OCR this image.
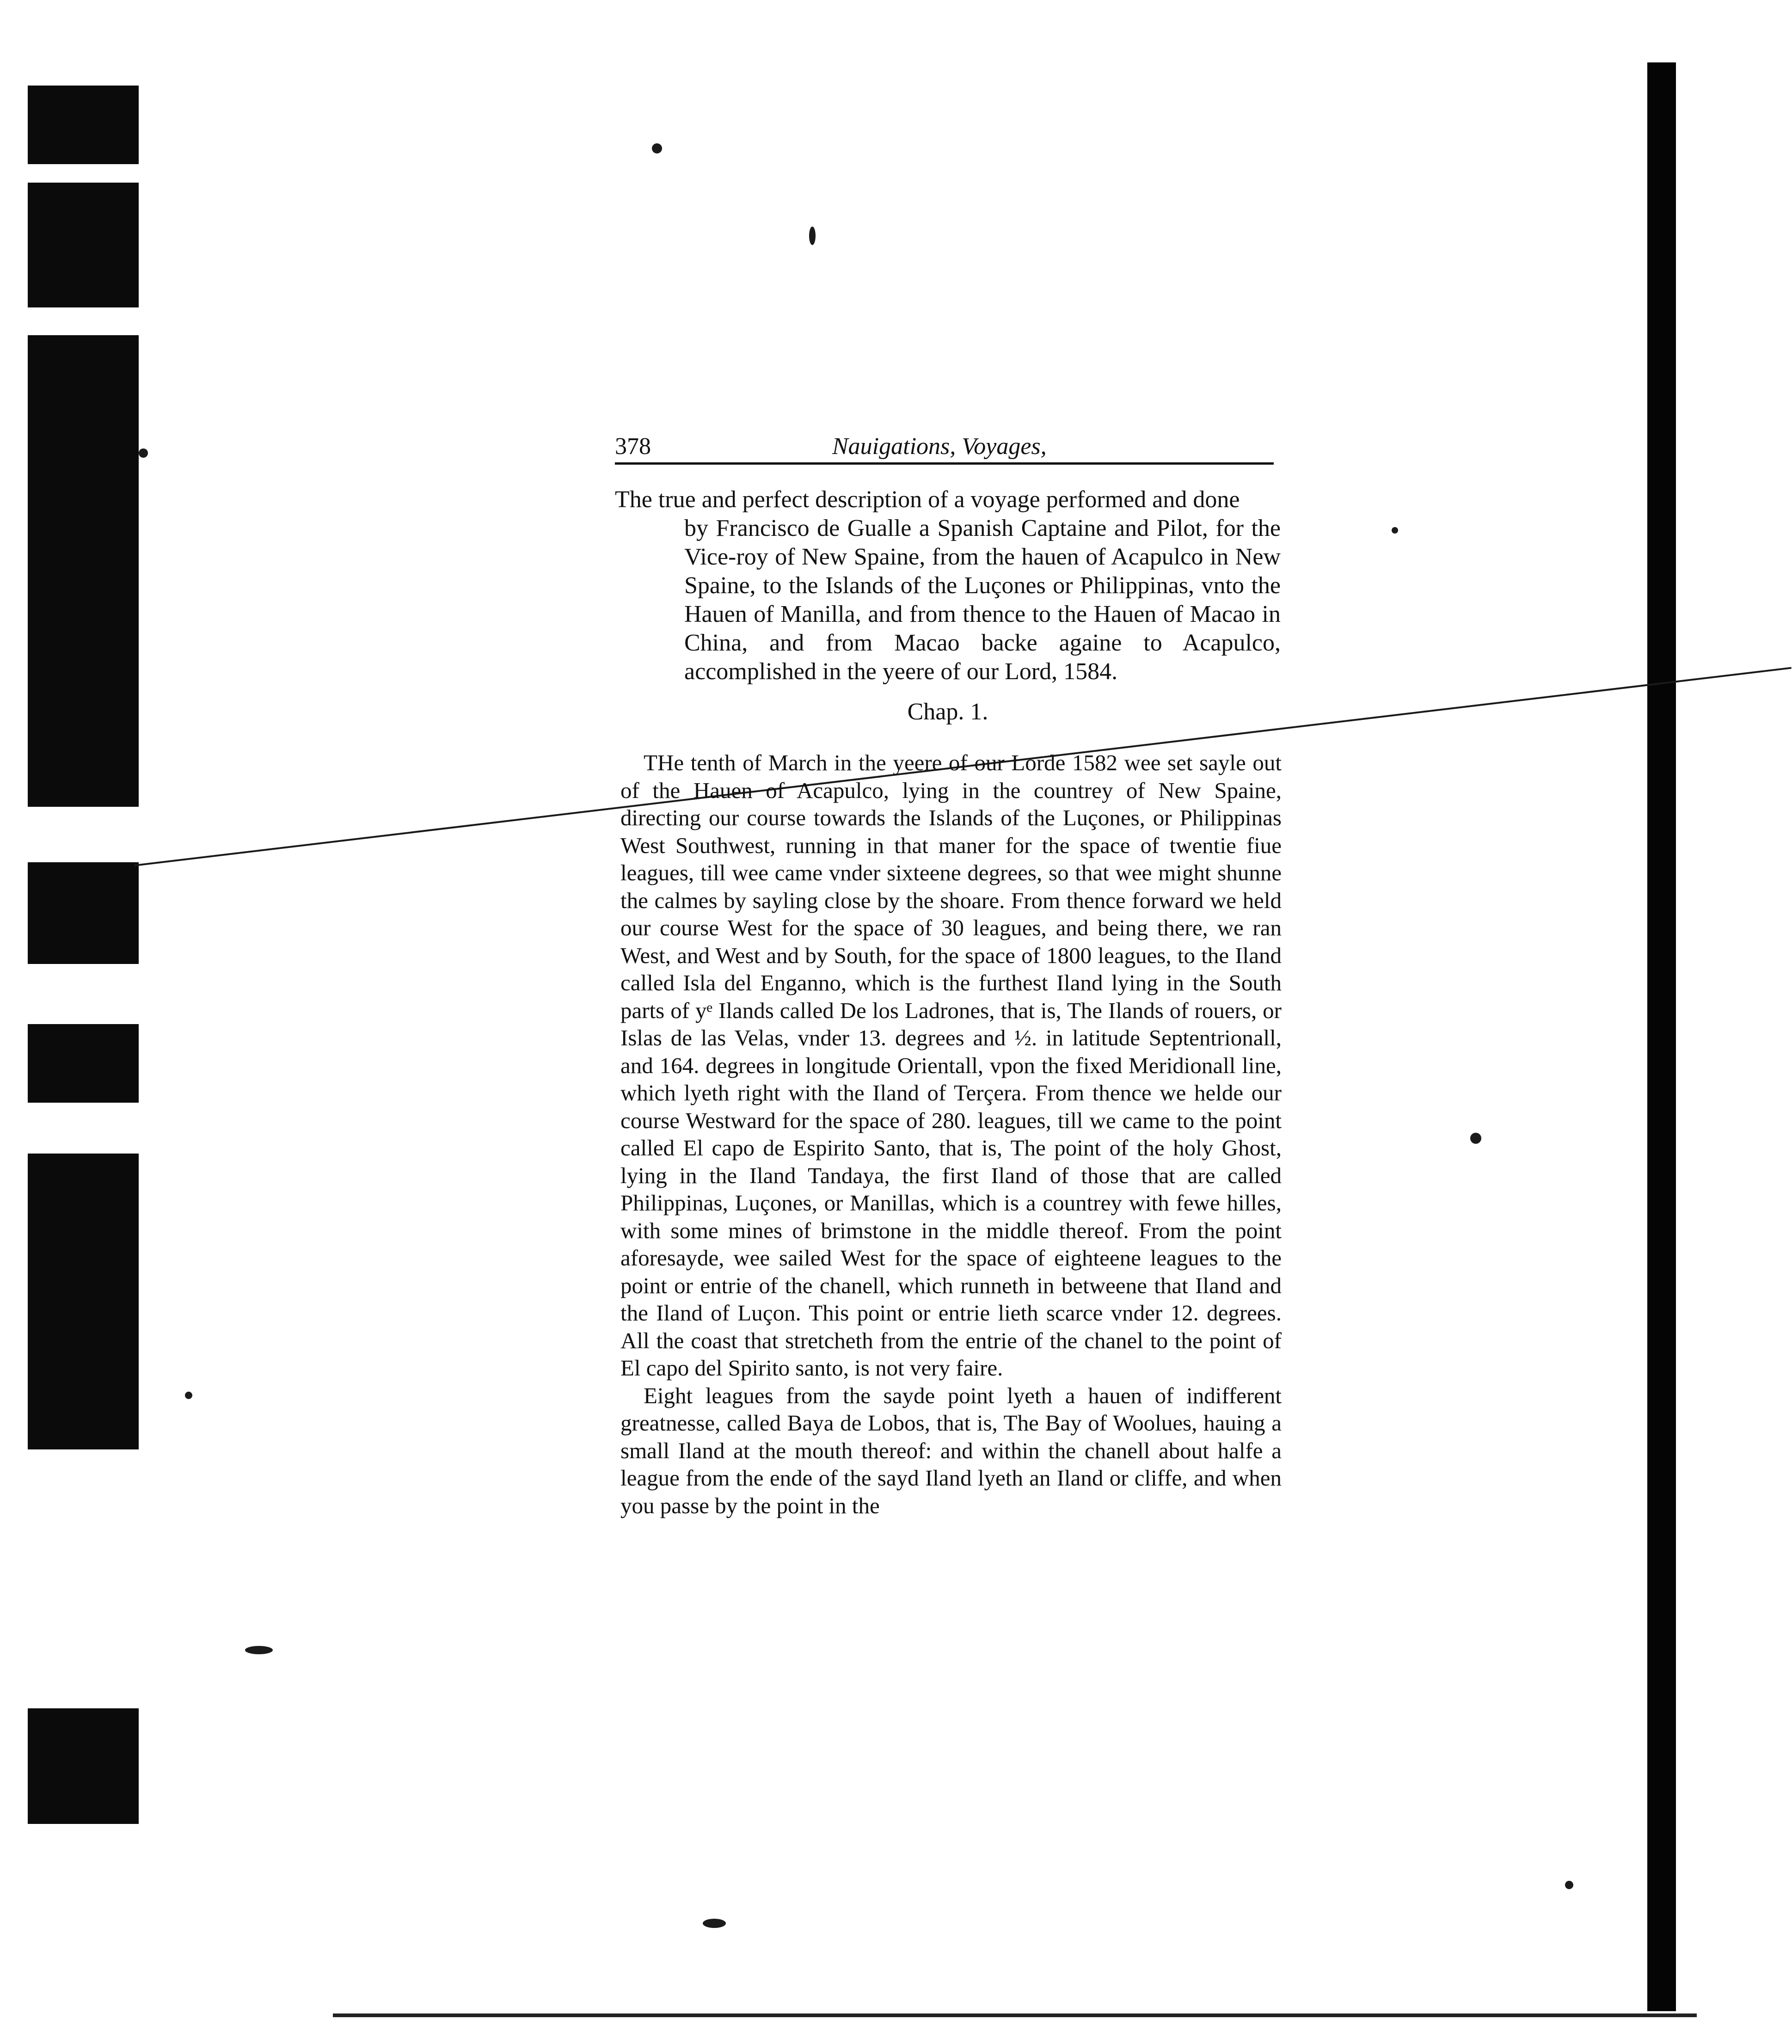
378	Nauigations, Voyages,

The true and perfect description of a voyage performed and done

by Francisco de Gualle a Spanish Captaine and Pilot, for the Vice-roy of New Spaine, from the hauen of Acapulco in New Spaine, to the Islands of the Luçones or Philippinas, vnto the Hauen of Manilla, and from thence to the Hauen of Macao in China, and from Macao backe againe to Acapulco, accomplished in the yeere of our Lord, 1584.

Chap. 1.

THe tenth of March in the yeere of our Lorde 1582 wee set sayle out of the Hauen of Acapulco, lying in the countrey of New Spaine, directing our course towards the Islands of the Luçones, or Philippinas West Southwest, running in that maner for the space of twentie fiue leagues, till wee came vnder sixteene degrees, so that wee might shunne the calmes by sayling close by the shoare. From thence forward we held our course West for the space of 30 leagues, and being there, we ran West, and West and by South, for the space of 1800 leagues, to the Iland called Isla del Enganno, which is the furthest Iland lying in the South parts of yᵉ Ilands called De los Ladrones, that is, The Ilands of rouers, or Islas de las Velas, vnder 13. degrees and ½. in latitude Septentrionall, and 164. degrees in longitude Orientall, vpon the fixed Meridionall line, which lyeth right with the Iland of Terçera. From thence we helde our course Westward for the space of 280. leagues, till we came to the point called El capo de Espirito Santo, that is, The point of the holy Ghost, lying in the Iland Tandaya, the first Iland of those that are called Philippinas, Luçones, or Manillas, which is a countrey with fewe hilles, with some mines of brimstone in the middle thereof. From the point aforesayde, wee sailed West for the space of eighteene leagues to the point or entrie of the chanell, which runneth in betweene that Iland and the Iland of Luçon. This point or entrie lieth scarce vnder 12. degrees. All the coast that stretcheth from the entrie of the chanel to the point of El capo del Spirito santo, is not very faire.

Eight leagues from the sayde point lyeth a hauen of indifferent greatnesse, called Baya de Lobos, that is, The Bay of Woolues, hauing a small Iland at the mouth thereof: and within the chanell about halfe a league from the ende of the sayd Iland lyeth an Iland or cliffe, and when you passe by the point in the
